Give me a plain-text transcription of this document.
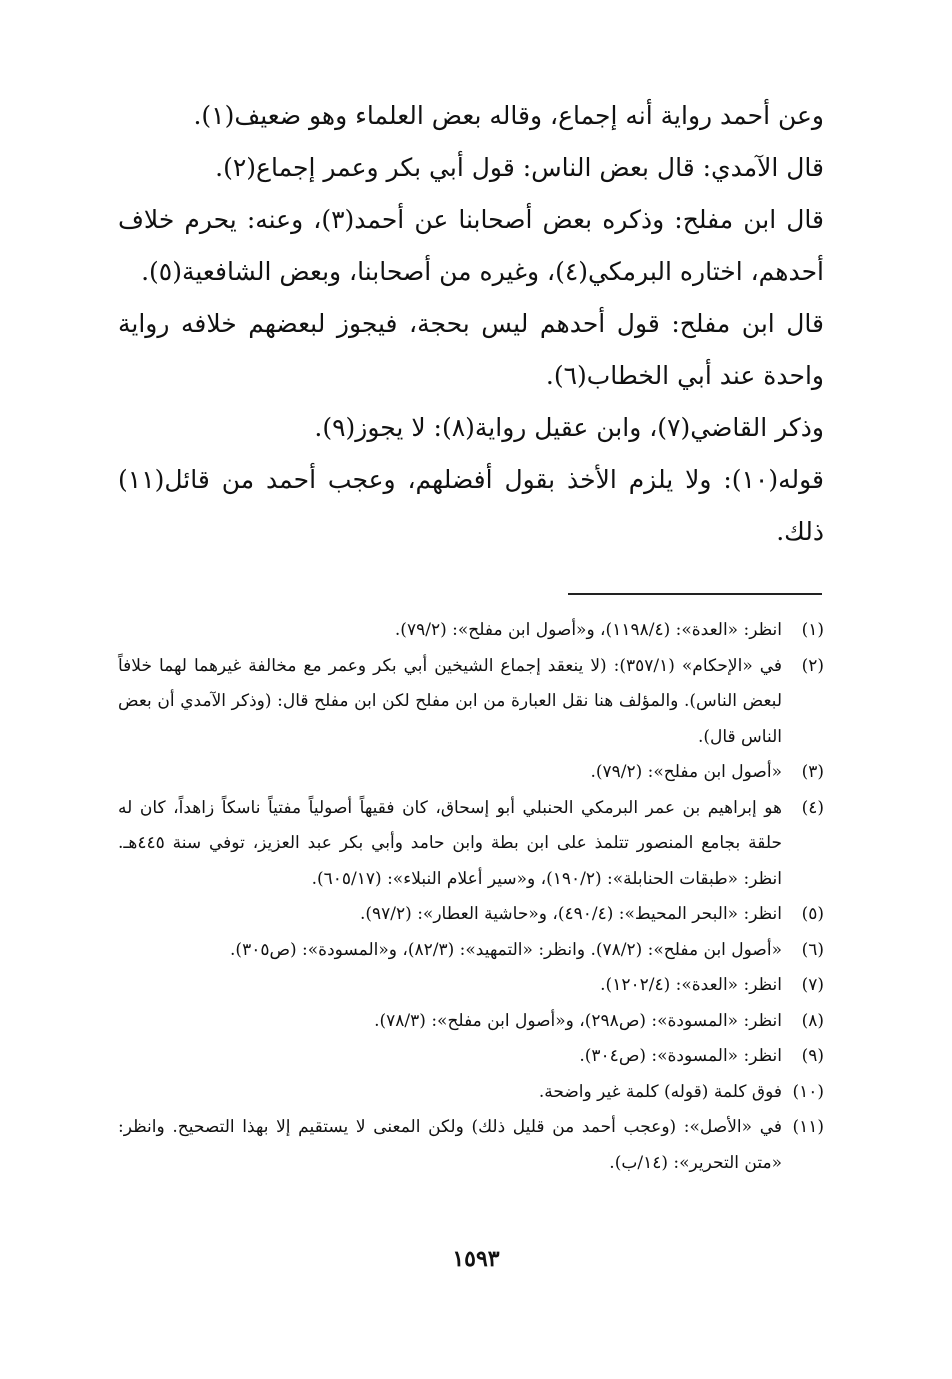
وعن أحمد رواية أنه إجماع، وقاله بعض العلماء وهو ضعيف(١).

قال الآمدي: قال بعض الناس: قول أبي بكر وعمر إجماع(٢).

قال ابن مفلح: وذكره بعض أصحابنا عن أحمد(٣)، وعنه: يحرم خلاف أحدهم، اختاره البرمكي(٤)، وغيره من أصحابنا، وبعض الشافعية(٥).

قال ابن مفلح: قول أحدهم ليس بحجة، فيجوز لبعضهم خلافه رواية واحدة عند أبي الخطاب(٦).

وذكر القاضي(٧)، وابن عقيل رواية(٨): لا يجوز(٩).

قوله(١٠): ولا يلزم الأخذ بقول أفضلهم، وعجب أحمد من قائل(١١) ذلك.

(١)
انظر: «العدة»: (١١٩٨/٤)، و«أصول ابن مفلح»: (٧٩/٢).
(٢)
في «الإحكام» (٣٥٧/١): (لا ينعقد إجماع الشيخين أبي بكر وعمر مع مخالفة غيرهما لهما خلافاً لبعض الناس). والمؤلف هنا نقل العبارة من ابن مفلح لكن ابن مفلح قال: (وذكر الآمدي أن بعض الناس قال).
(٣)
«أصول ابن مفلح»: (٧٩/٢).
(٤)
هو إبراهيم بن عمر البرمكي الحنبلي أبو إسحاق، كان فقيهاً أصولياً مفتياً ناسكاً زاهداً، كان له حلقة بجامع المنصور تتلمذ على ابن بطة وابن حامد وأبي بكر عبد العزيز، توفي سنة ٤٤٥هـ. انظر: «طبقات الحنابلة»: (١٩٠/٢)، و«سير أعلام النبلاء»: (٦٠٥/١٧).
(٥)
انظر: «البحر المحيط»: (٤٩٠/٤)، و«حاشية العطار»: (٩٧/٢).
(٦)
«أصول ابن مفلح»: (٧٨/٢). وانظر: «التمهيد»: (٨٢/٣)، و«المسودة»: (ص٣٠٥).
(٧)
انظر: «العدة»: (١٢٠٢/٤).
(٨)
انظر: «المسودة»: (ص٢٩٨)، و«أصول ابن مفلح»: (٧٨/٣).
(٩)
انظر: «المسودة»: (ص٣٠٤).
(١٠)
فوق كلمة (قوله) كلمة غير واضحة.
(١١)
في «الأصل»: (وعجب أحمد من قليل ذلك) ولكن المعنى لا يستقيم إلا بهذا التصحيح. وانظر: «متن التحرير»: (١٤/ب).
١٥٩٣
